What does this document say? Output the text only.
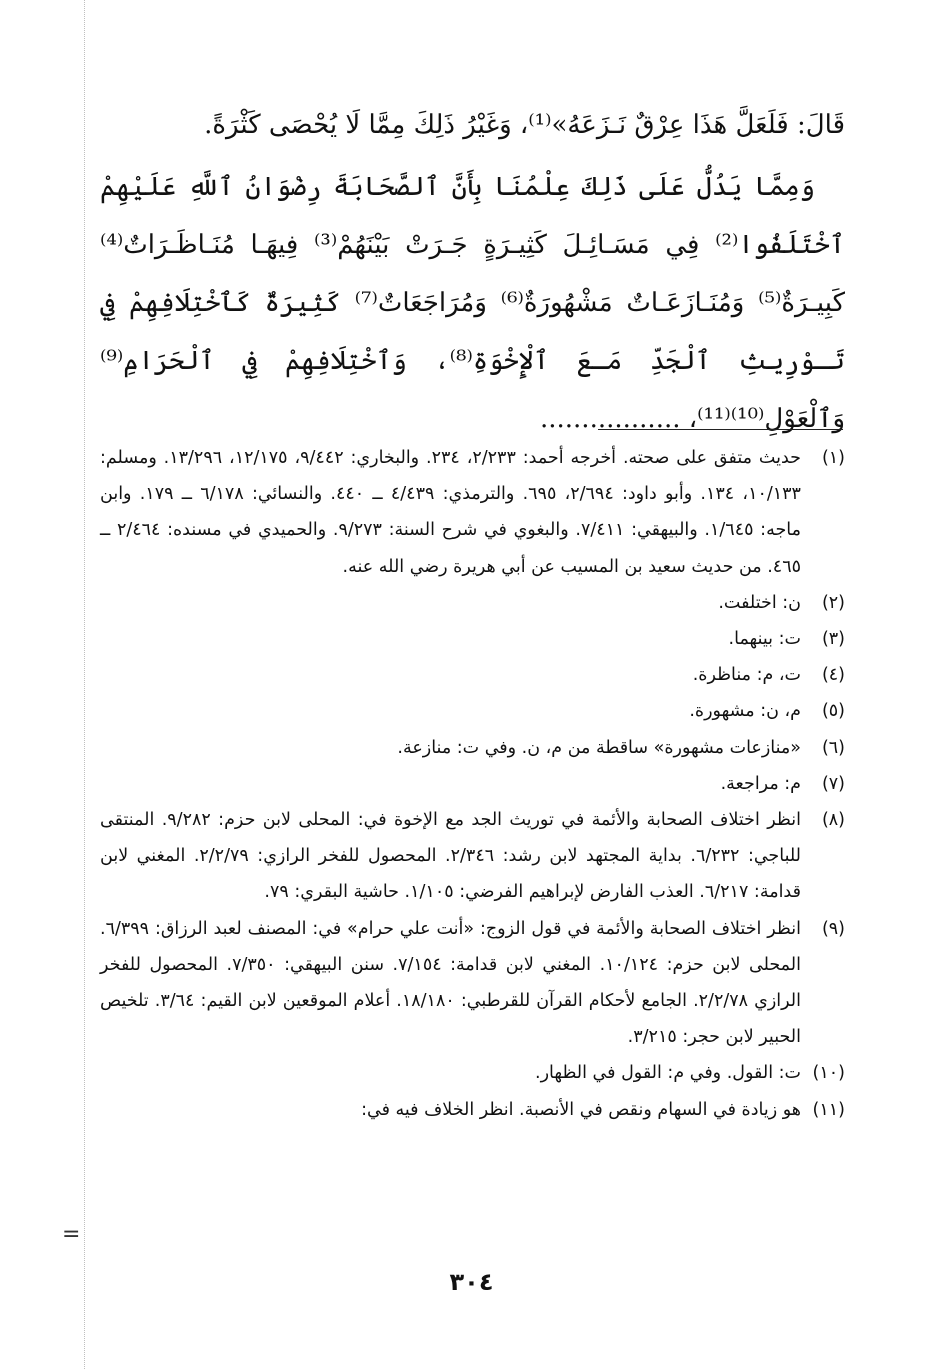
=

قَالَ: فَلَعَلَّ هَذَا عِرْقٌ نَـزَعَهُ»⁽¹⁾، وَغَيْرُ ذَلِكَ مِمَّا لَا يُحْصَى كَثْرَةً.

وَمِمَّا يَدُلُّ عَلَى ذَلِكَ عِلْمُنَا بِأَنَّ ٱلصَّحَابَةَ رِضْوَانُ ٱللَّهِ عَلَيْهِمْ ٱخْتَلَفُوا⁽²⁾ فِي مَسَـائِـلَ كَثِيـرَةٍ جَـرَتْ بَيْنَهُمْ⁽³⁾ فِيهَـا مُنَـاظَـرَاتٌ⁽⁴⁾ كَبِيـرَةٌ⁽⁵⁾ وَمُنَـازَعَـاتٌ مَشْهُورَةٌ⁽⁶⁾ وَمُرَاجَعَاتٌ⁽⁷⁾ كَثِيرَةٌ كَٱخْتِلَافِهِمْ فِي تَـوْرِيثِ ٱلْجَدِّ مَـعَ ٱلْإِخْوَةِ⁽⁸⁾، وَٱخْتِلَافِهِمْ فِي ٱلْحَرَامِ⁽⁹⁾ وَٱلْعَوْلِ⁽¹⁰⁾⁽¹¹⁾، .................

(١)
حديث متفق على صحته. أخرجه أحمد: ٢/٢٣٣، ٢٣٤. والبخاري: ٩/٤٤٢، ١٢/١٧٥، ١٣/٢٩٦. ومسلم: ١٠/١٣٣، ١٣٤. وأبو داود: ٢/٦٩٤، ٦٩٥. والترمذي: ٤/٤٣٩ ــ ٤٤٠. والنسائي: ٦/١٧٨ ــ ١٧٩. وابن ماجه: ١/٦٤٥. والبيهقي: ٧/٤١١. والبغوي في شرح السنة: ٩/٢٧٣. والحميدي في مسنده: ٢/٤٦٤ ــ ٤٦٥. من حديث سعيد بن المسيب عن أبي هريرة رضي الله عنه.
(٢)
ن: اختلفت.
(٣)
ت: بينهما.
(٤)
ت، م: مناظرة.
(٥)
م، ن: مشهورة.
(٦)
«منازعات مشهورة» ساقطة من م، ن. وفي ت: منازعة.
(٧)
م: مراجعة.
(٨)
انظر اختلاف الصحابة والأئمة في توريث الجد مع الإخوة في: المحلى لابن حزم: ٩/٢٨٢. المنتقى للباجي: ٦/٢٣٢. بداية المجتهد لابن رشد: ٢/٣٤٦. المحصول للفخر الرازي: ٢/٢/٧٩. المغني لابن قدامة: ٦/٢١٧. العذب الفارض لإبراهيم الفرضي: ١/١٠٥. حاشية البقري: ٧٩.
(٩)
انظر اختلاف الصحابة والأئمة في قول الزوج: «أنت علي حرام» في: المصنف لعبد الرزاق: ٦/٣٩٩. المحلى لابن حزم: ١٠/١٢٤. المغني لابن قدامة: ٧/١٥٤. سنن البيهقي: ٧/٣٥٠. المحصول للفخر الرازي ٢/٢/٧٨. الجامع لأحكام القرآن للقرطبي: ١٨/١٨٠. أعلام الموقعين لابن القيم: ٣/٦٤. تلخيص الحبير لابن حجر: ٣/٢١٥.
(١٠)
ت: القول. وفي م: القول في الظهار.
(١١)
هو زيادة في السهام ونقص في الأنصبة. انظر الخلاف فيه في:
٣٠٤
